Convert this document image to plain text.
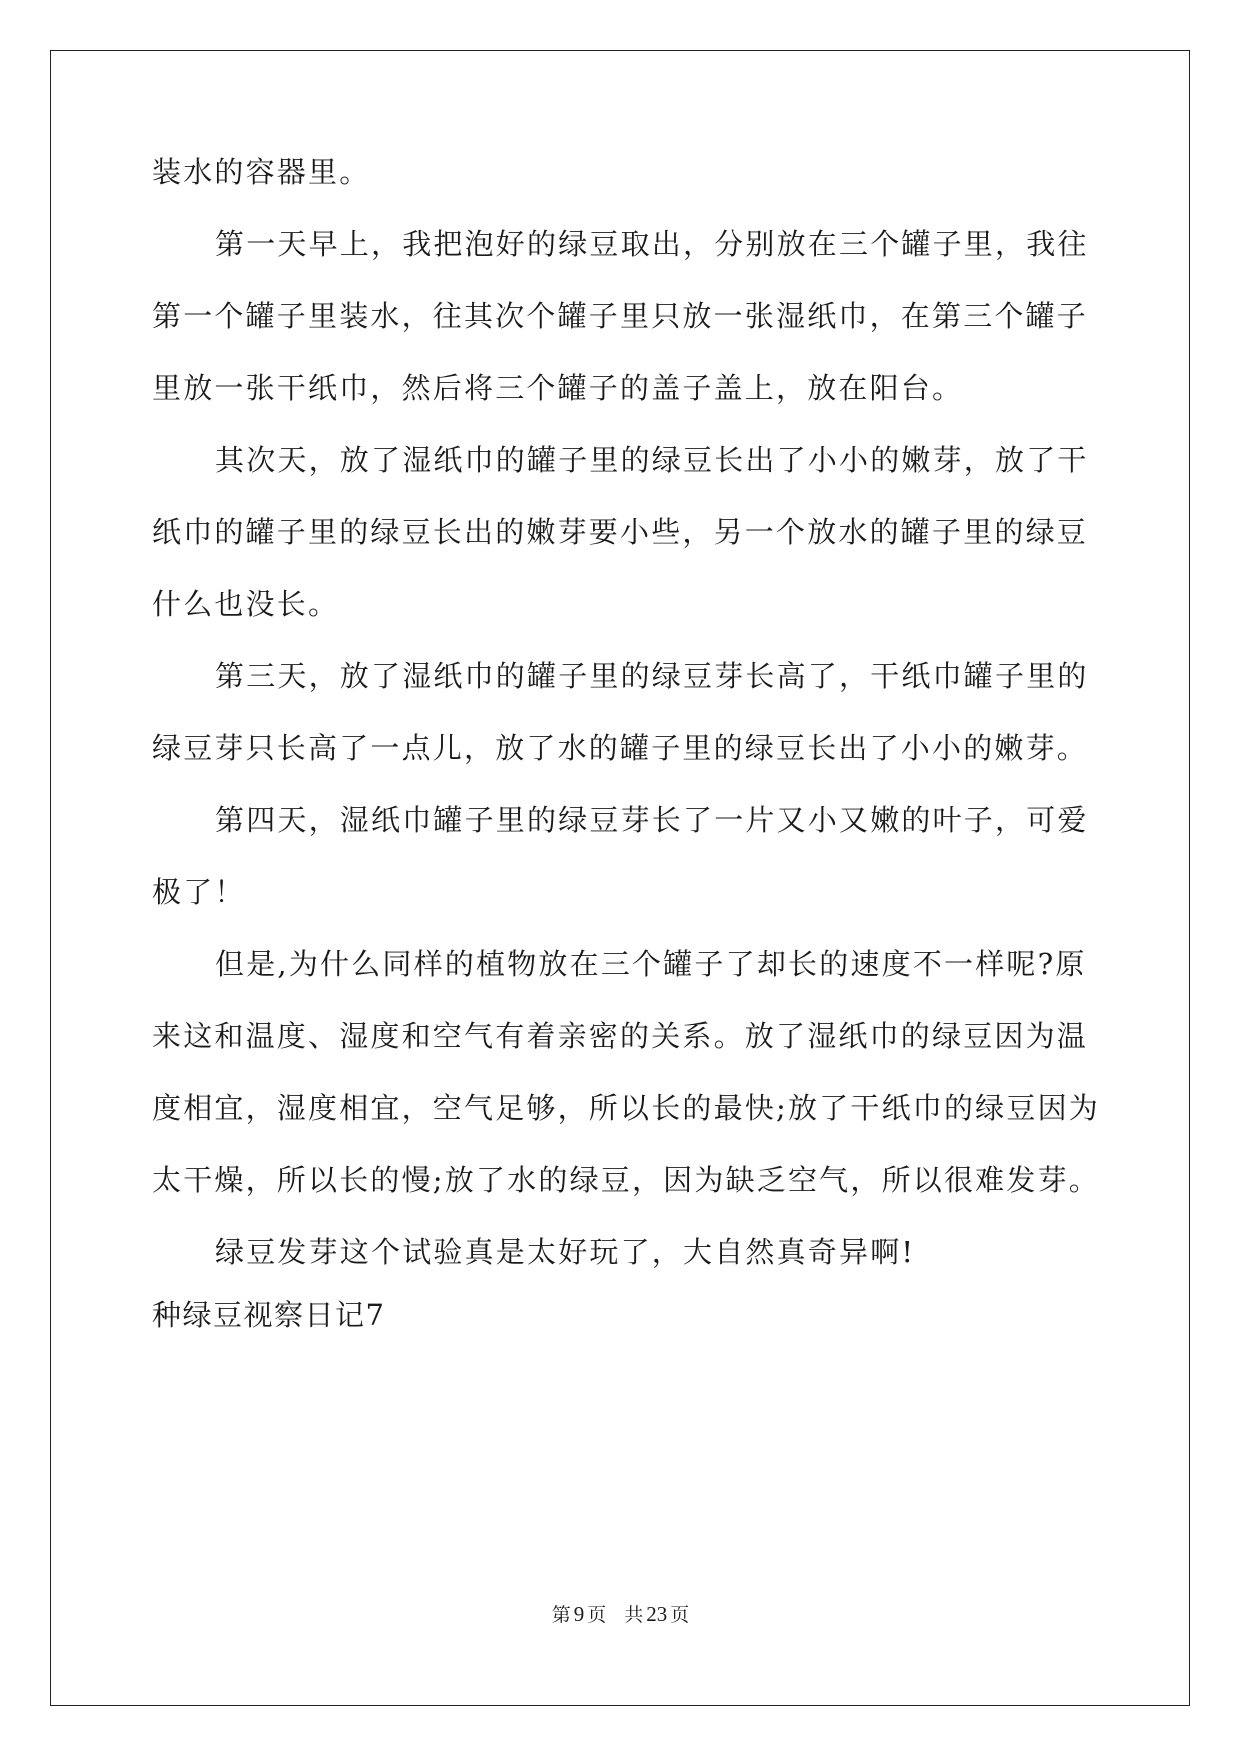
装水的容器里。
第一天早上，我把泡好的绿豆取出，分别放在三个罐子里，我往
第一个罐子里装水，往其次个罐子里只放一张湿纸巾，在第三个罐子
里放一张干纸巾，然后将三个罐子的盖子盖上，放在阳台。
其次天，放了湿纸巾的罐子里的绿豆长出了小小的嫩芽，放了干
纸巾的罐子里的绿豆长出的嫩芽要小些，另一个放水的罐子里的绿豆
什么也没长。
第三天，放了湿纸巾的罐子里的绿豆芽长高了，干纸巾罐子里的
绿豆芽只长高了一点儿，放了水的罐子里的绿豆长出了小小的嫩芽。
第四天，湿纸巾罐子里的绿豆芽长了一片又小又嫩的叶子，可爱
极了！
但是,为什么同样的植物放在三个罐子了却长的速度不一样呢?原
来这和温度、湿度和空气有着亲密的关系。放了湿纸巾的绿豆因为温
度相宜，湿度相宜，空气足够，所以长的最快;放了干纸巾的绿豆因为
太干燥，所以长的慢;放了水的绿豆，因为缺乏空气，所以很难发芽。
绿豆发芽这个试验真是太好玩了，大自然真奇异啊!
种绿豆视察日记7
第 9 页 共 23 页
